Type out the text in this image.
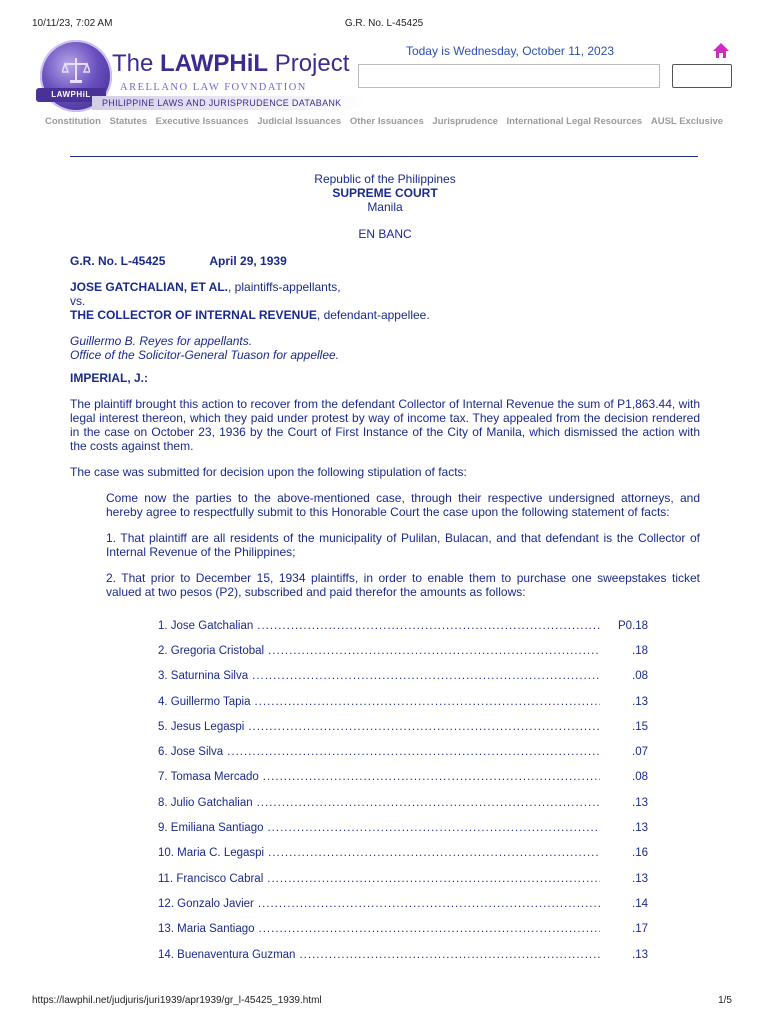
10/11/23, 7:02 AM	G.R. No. L-45425
LAWPHiL
The LAWPHiL Project
ARELLANO LAW FOVNDATION
PHILIPPINE LAWS AND JURISPRUDENCE DATABANK
Today is Wednesday, October 11, 2023
Constitution Statutes Executive Issuances Judicial Issuances Other Issuances Jurisprudence International Legal Resources AUSL Exclusive

Republic of the Philippines

SUPREME COURT

Manila

EN BANC

G.R. No. L-45425	April 29, 1939

JOSE GATCHALIAN, ET AL., plaintiffs-appellants,

vs.

THE COLLECTOR OF INTERNAL REVENUE, defendant-appellee.

Guillermo B. Reyes for appellants.

Office of the Solicitor-General Tuason for appellee.

IMPERIAL, J.:

The plaintiff brought this action to recover from the defendant Collector of Internal Revenue the sum of P1,863.44, with legal interest thereon, which they paid under protest by way of income tax. They appealed from the decision rendered in the case on October 23, 1936 by the Court of First Instance of the City of Manila, which dismissed the action with the costs against them.

The case was submitted for decision upon the following stipulation of facts:

Come now the parties to the above-mentioned case, through their respective undersigned attorneys, and hereby agree to respectfully submit to this Honorable Court the case upon the following statement of facts:

1. That plaintiff are all residents of the municipality of Pulilan, Bulacan, and that defendant is the Collector of Internal Revenue of the Philippines;

2. That prior to December 15, 1934 plaintiffs, in order to enable them to purchase one sweepstakes ticket valued at two pesos (P2), subscribed and paid therefor the amounts as follows:

1. Jose Gatchalian .....	P0.18
2. Gregoria Cristobal .....	.18
3. Saturnina Silva .....	.08
4. Guillermo Tapia .....	.13
5. Jesus Legaspi .....	.15
6. Jose Silva .....	.07
7. Tomasa Mercado .....	.08
8. Julio Gatchalian .....	.13
9. Emiliana Santiago .....	.13
10. Maria C. Legaspi .....	.16
11. Francisco Cabral .....	.13
12. Gonzalo Javier .....	.14
13. Maria Santiago .....	.17
14. Buenaventura Guzman .....	.13
https://lawphil.net/judjuris/juri1939/apr1939/gr_l-45425_1939.html	1/5
